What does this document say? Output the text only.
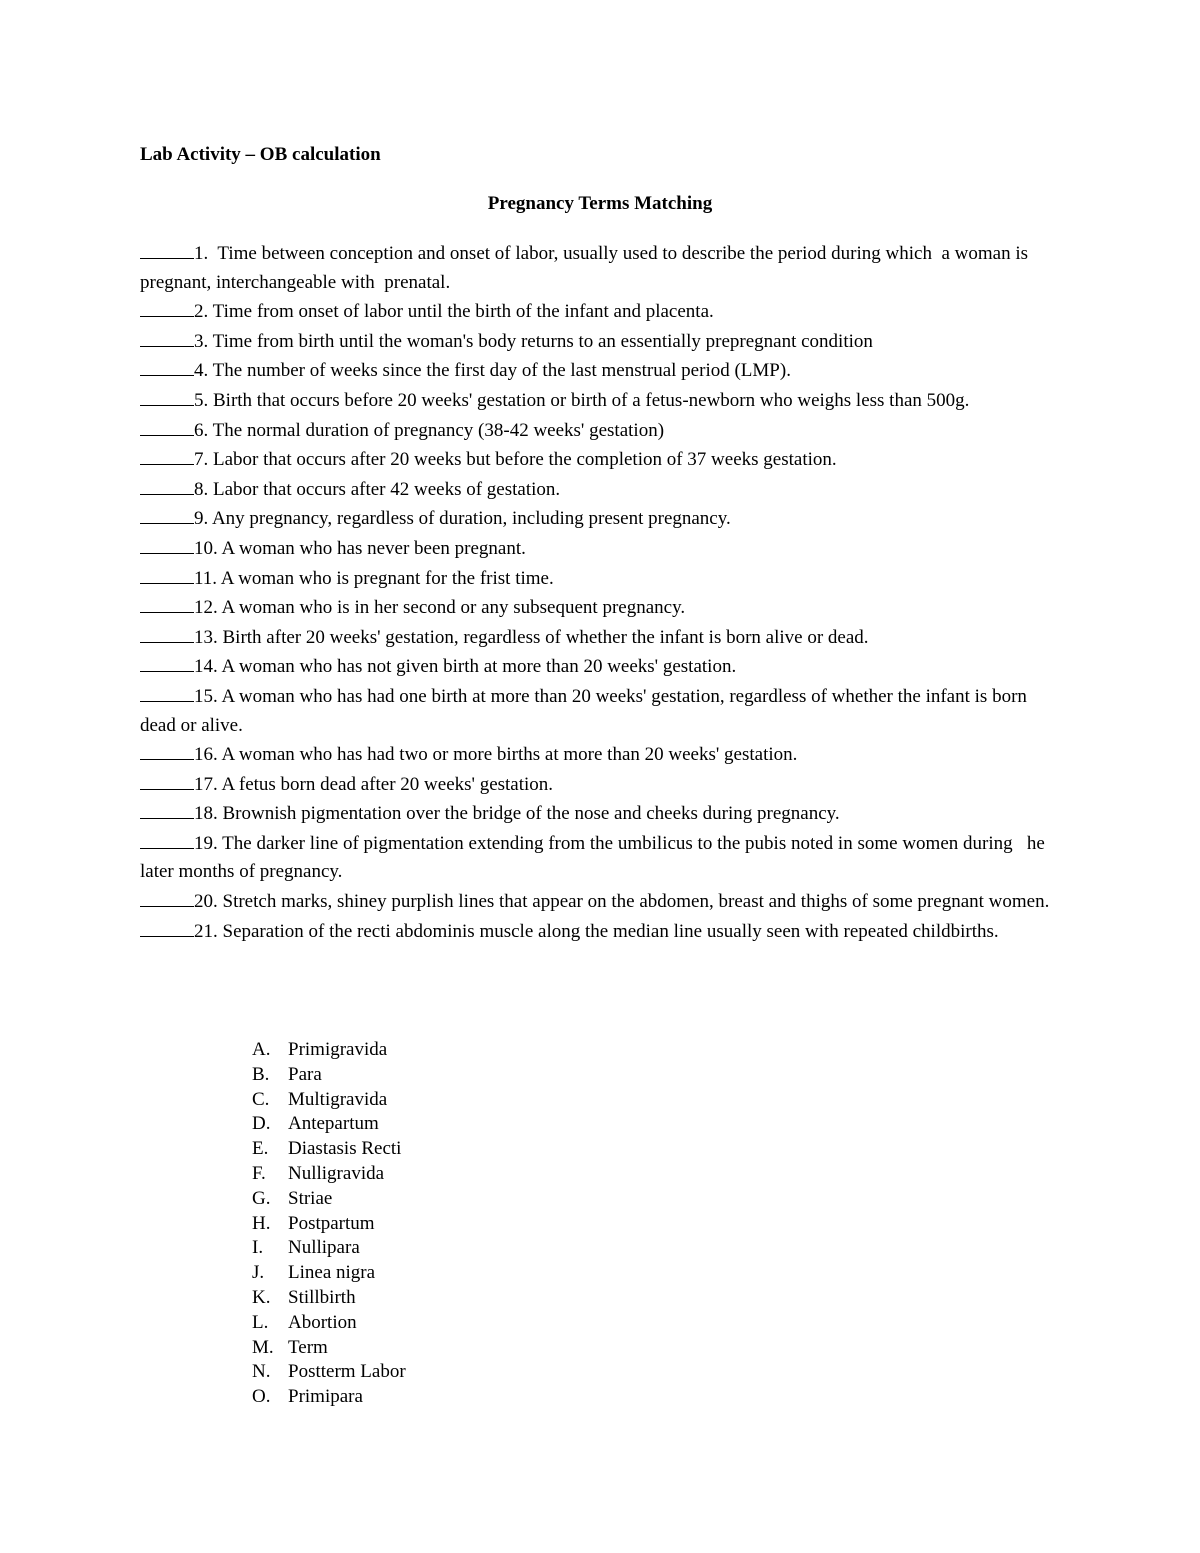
Lab Activity – OB calculation
Pregnancy Terms Matching
1.  Time between conception and onset of labor, usually used to describe the period during which  a woman is pregnant, interchangeable with  prenatal.
2. Time from onset of labor until the birth of the infant and placenta.
3. Time from birth until the woman's body returns to an essentially prepregnant condition
4. The number of weeks since the first day of the last menstrual period (LMP).
5. Birth that occurs before 20 weeks' gestation or birth of a fetus-newborn who weighs less than 500g.
6. The normal duration of pregnancy (38-42 weeks' gestation)
7. Labor that occurs after 20 weeks but before the completion of 37 weeks gestation.
8. Labor that occurs after 42 weeks of gestation.
9. Any pregnancy, regardless of duration, including present pregnancy.
10. A woman who has never been pregnant.
11. A woman who is pregnant for the frist time.
12. A woman who is in her second or any subsequent pregnancy.
13. Birth after 20 weeks' gestation, regardless of whether the infant is born alive or dead.
14. A woman who has not given birth at more than 20 weeks' gestation.
15. A woman who has had one birth at more than 20 weeks' gestation, regardless of whether the infant is born dead or alive.
16. A woman who has had two or more births at more than 20 weeks' gestation.
17. A fetus born dead after 20 weeks' gestation.
18. Brownish pigmentation over the bridge of the nose and cheeks during pregnancy.
19. The darker line of pigmentation extending from the umbilicus to the pubis noted in some women during   he later months of pregnancy.
20. Stretch marks, shiney purplish lines that appear on the abdomen, breast and thighs of some pregnant women.
21. Separation of the recti abdominis muscle along the median line usually seen with repeated childbirths.
A. Primigravida
B. Para
C. Multigravida
D. Antepartum
E. Diastasis Recti
F. Nulligravida
G. Striae
H. Postpartum
I. Nullipara
J. Linea nigra
K. Stillbirth
L. Abortion
M. Term
N. Postterm Labor
O. Primipara
